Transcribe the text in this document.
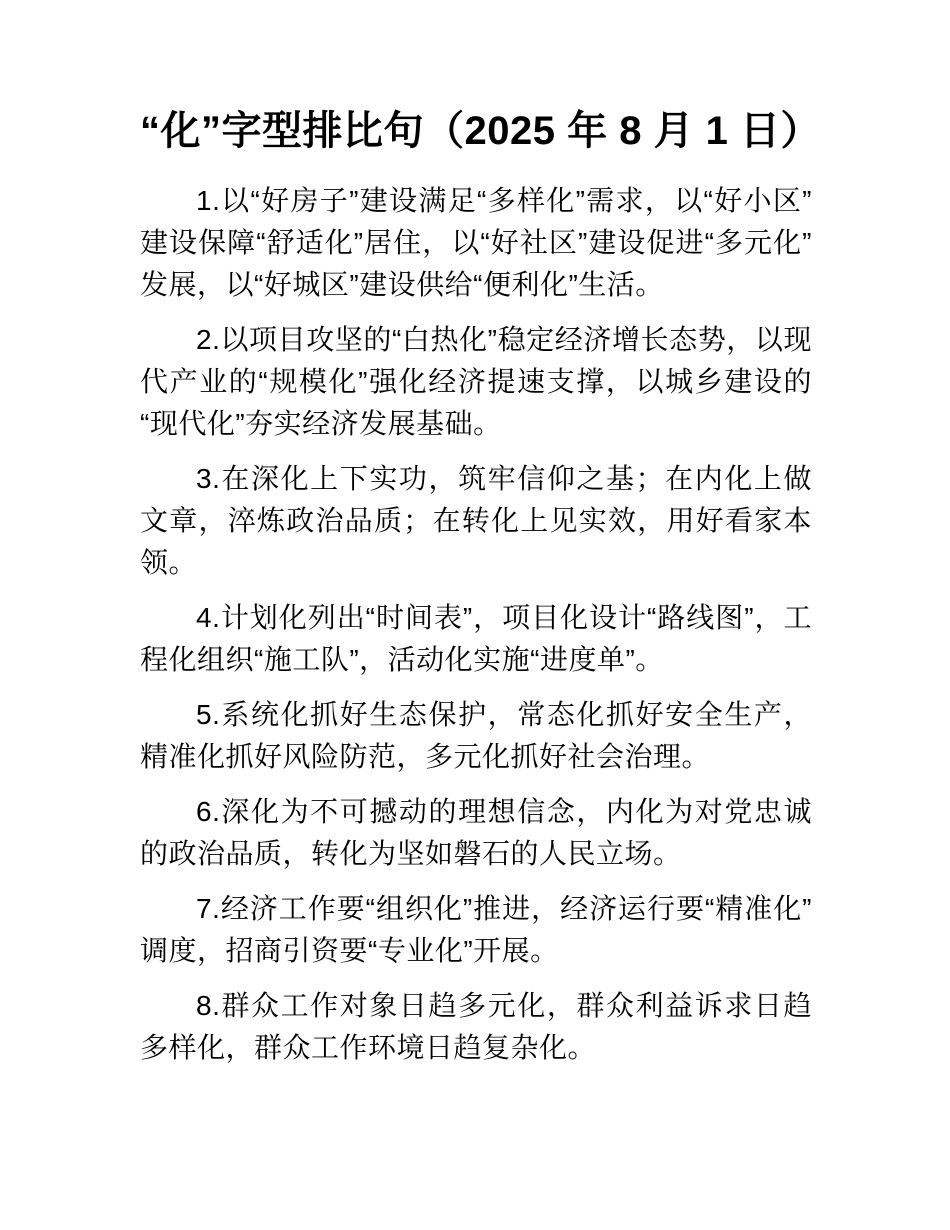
“化”字型排比句（2025 年 8 月 1 日）

1.以“好房子”建设满足“多样化”需求，以“好小区”建设保障“舒适化”居住，以“好社区”建设促进“多元化”发展，以“好城区”建设供给“便利化”生活。

2.以项目攻坚的“白热化”稳定经济增长态势，以现代产业的“规模化”强化经济提速支撑，以城乡建设的“现代化”夯实经济发展基础。

3.在深化上下实功，筑牢信仰之基；在内化上做文章，淬炼政治品质；在转化上见实效，用好看家本领。

4.计划化列出“时间表”，项目化设计“路线图”，工程化组织“施工队”，活动化实施“进度单”。

5.系统化抓好生态保护，常态化抓好安全生产，精准化抓好风险防范，多元化抓好社会治理。

6.深化为不可撼动的理想信念，内化为对党忠诚的政治品质，转化为坚如磐石的人民立场。

7.经济工作要“组织化”推进，经济运行要“精准化”调度，招商引资要“专业化”开展。

8.群众工作对象日趋多元化，群众利益诉求日趋多样化，群众工作环境日趋复杂化。
